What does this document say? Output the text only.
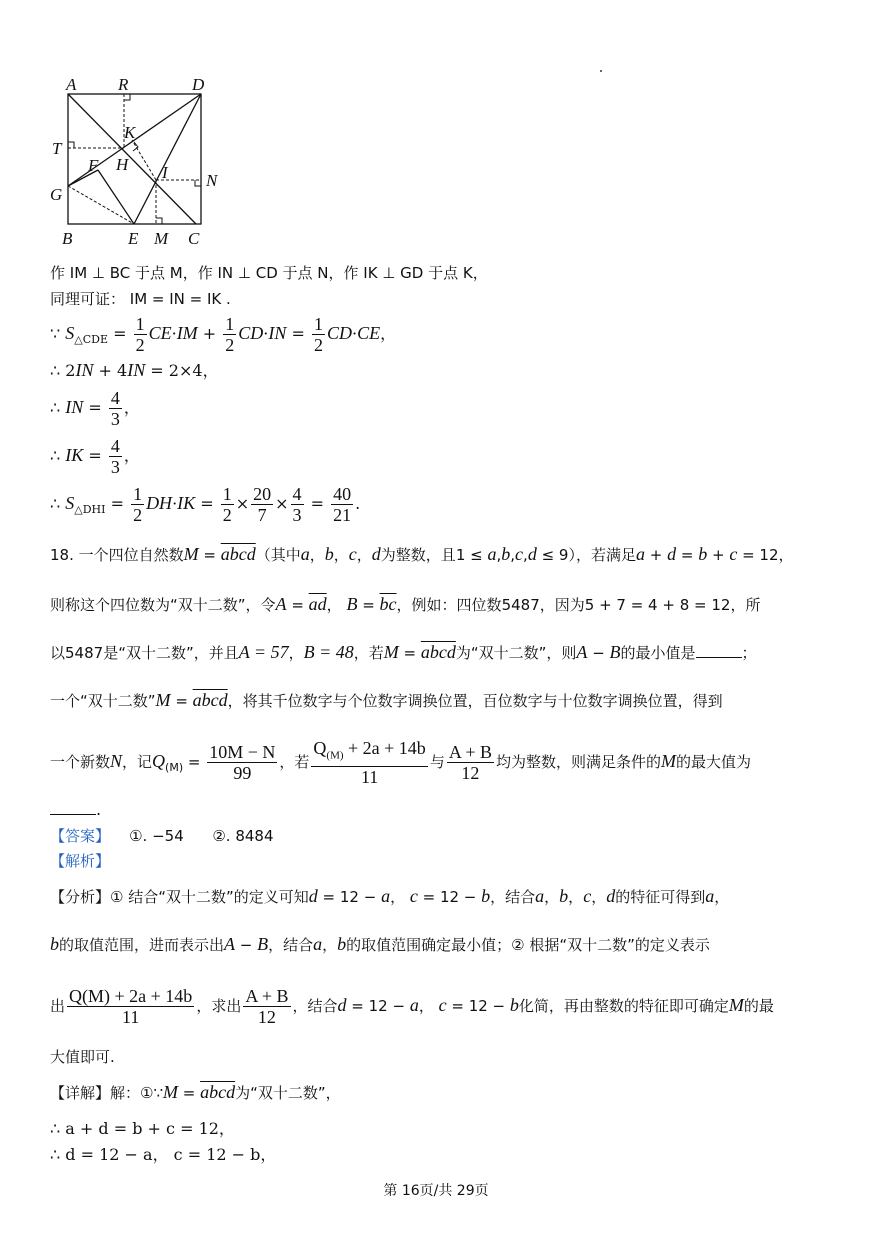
A R	D
T
K
F H I N
G
B	E M C
作 IM ⊥ BC 于点 M，作 IN ⊥ CD 于点 N，作 IK ⊥ GD 于点 K，
同理可证： IM = IN = IK .
∵ $S_{\triangle CDE} = \frac{1}{2} CE\cdot IM + \frac{1}{2} CD\cdot IN = \frac{1}{2} CD\cdot CE$，
∴ 2IN + 4IN = 2×4，
∴ IN = $\frac{4}{3}$ ，
∴ IK = $\frac{4}{3}$ ，
∴ $S_{\triangle DHI} = \frac{1}{2} DH\cdot IK = \frac{1}{2} \times \frac{20}{7} \times \frac{4}{3} = \frac{40}{21}$ .
18. 一个四位自然数M = abcd（其中a，b，c，d为整数，且1 ≤ a,b,c,d ≤ 9），若满足a + d = b + c = 12，
则称这个四位数为“双十二数”，令$A = \overline{ad}$， $B = \overline{bc}$，例如：四位数5487，因为5 + 7 = 4 + 8 = 12，所
以5487是“双十二数”，并且A = 57，B = 48，若M = abcd为“双十二数”，则A − B的最小值是	；
一个“双十二数”M = abcd，将其千位数字与个位数字调换位置，百位数字与十位数字调换位置，得到
一个新数N，记$Q_{(M)} = \frac{10M - N}{99}$ ，若 $\frac{Q_{(M)} + 2a + 14b}{11}$ 与 $\frac{A + B}{12}$ 均为整数，则满足条件的M的最大值为
.
【答案】 ①. −54 ②. 8484
【解析】
【分析】① 结合“双十二数”的定义可知d = 12 − a， c = 12 − b，结合a，b，c，d的特征可得到a，
b的取值范围，进而表示出A − B，结合a，b的取值范围确定最小值；② 根据“双十二数”的定义表示
出 $\frac{Q(M) + 2a + 14b}{11}$ ，求出 $\frac{A + B}{12}$ ，结合d = 12 − a， c = 12 − b化简，再由整数的特征即可确定M的最
大值即可.
【详解】解：①∵M = abcd为“双十二数”，
∴ a + d = b + c = 12，
∴ d = 12 − a， c = 12 − b，
第 16页/共 29页
